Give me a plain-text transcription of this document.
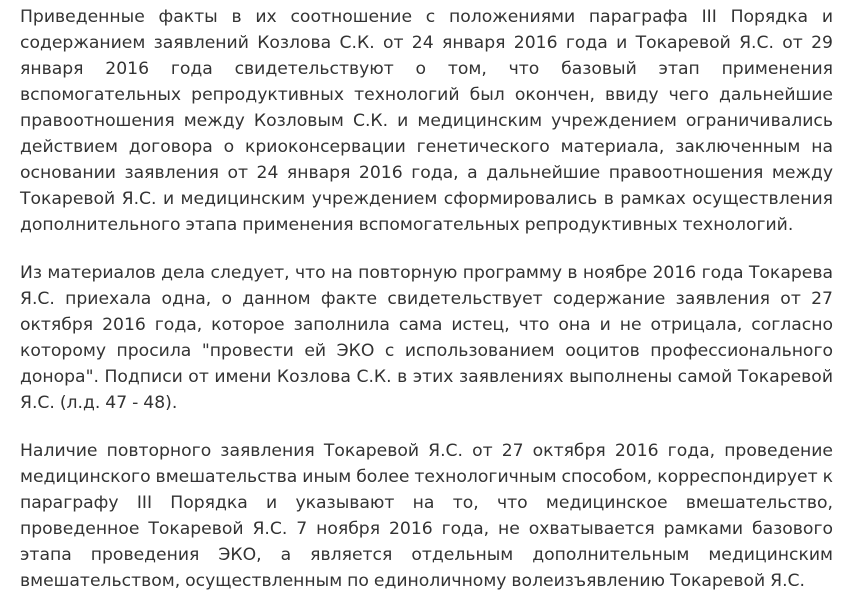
Приведенные факты в их соотношение с положениями параграфа III Порядка и содержанием заявлений Козлова С.К. от 24 января 2016 года и Токаревой Я.С. от 29 января 2016 года свидетельствуют о том, что базовый этап применения вспомогательных репродуктивных технологий был окончен, ввиду чего дальнейшие правоотношения между Козловым С.К. и медицинским учреждением ограничивались действием договора о криоконсервации генетического материала, заключенным на основании заявления от 24 января 2016 года, а дальнейшие правоотношения между Токаревой Я.С. и медицинским учреждением сформировались в рамках осуществления дополнительного этапа применения вспомогательных репродуктивных технологий.

Из материалов дела следует, что на повторную программу в ноябре 2016 года Токарева Я.С. приехала одна, о данном факте свидетельствует содержание заявления от 27 октября 2016 года, которое заполнила сама истец, что она и не отрицала, согласно которому просила "провести ей ЭКО с использованием ооцитов профессионального донора". Подписи от имени Козлова С.К. в этих заявлениях выполнены самой Токаревой Я.С. (л.д. 47 - 48).

Наличие повторного заявления Токаревой Я.С. от 27 октября 2016 года, проведение медицинского вмешательства иным более технологичным способом, корреспондирует к параграфу III Порядка и указывают на то, что медицинское вмешательство, проведенное Токаревой Я.С. 7 ноября 2016 года, не охватывается рамками базового этапа проведения ЭКО, а является отдельным дополнительным медицинским вмешательством, осуществленным по единоличному волеизъявлению Токаревой Я.С.
